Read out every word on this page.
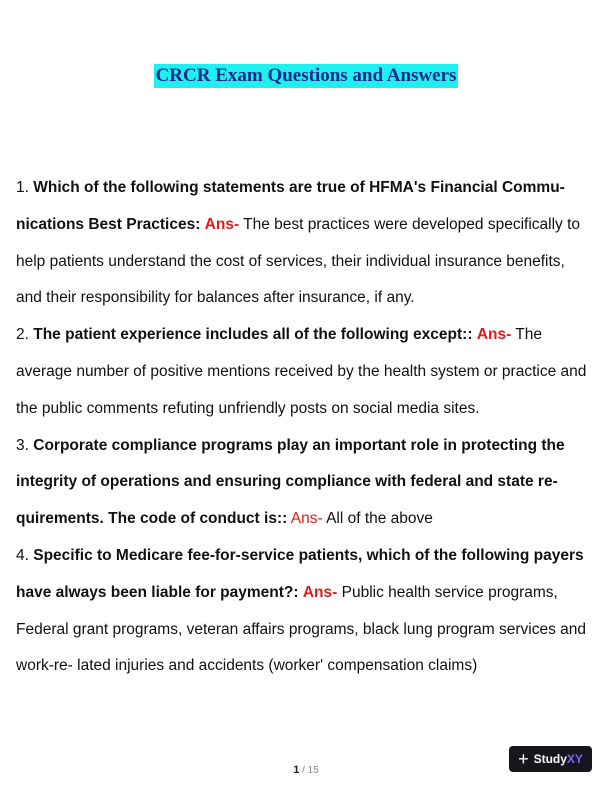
CRCR Exam Questions and Answers

1. Which of the following statements are true of HFMA's Financial Commu- nications Best Practices: Ans- The best practices were developed specifically to help patients understand the cost of services, their individual insurance benefits, and their responsibility for balances after insurance, if any.

2. The patient experience includes all of the following except:: Ans- The average number of positive mentions received by the health system or practice and the public comments refuting unfriendly posts on social media sites.

3. Corporate compliance programs play an important role in protecting the integrity of operations and ensuring compliance with federal and state re- quirements. The code of conduct is:: Ans- All of the above

4. Specific to Medicare fee-for-service patients, which of the following payers have always been liable for payment?: Ans- Public health service programs, Federal grant programs, veteran affairs programs, black lung program services and work-re- lated injuries and accidents (worker' compensation claims)

1 / 15
+ StudyXY
